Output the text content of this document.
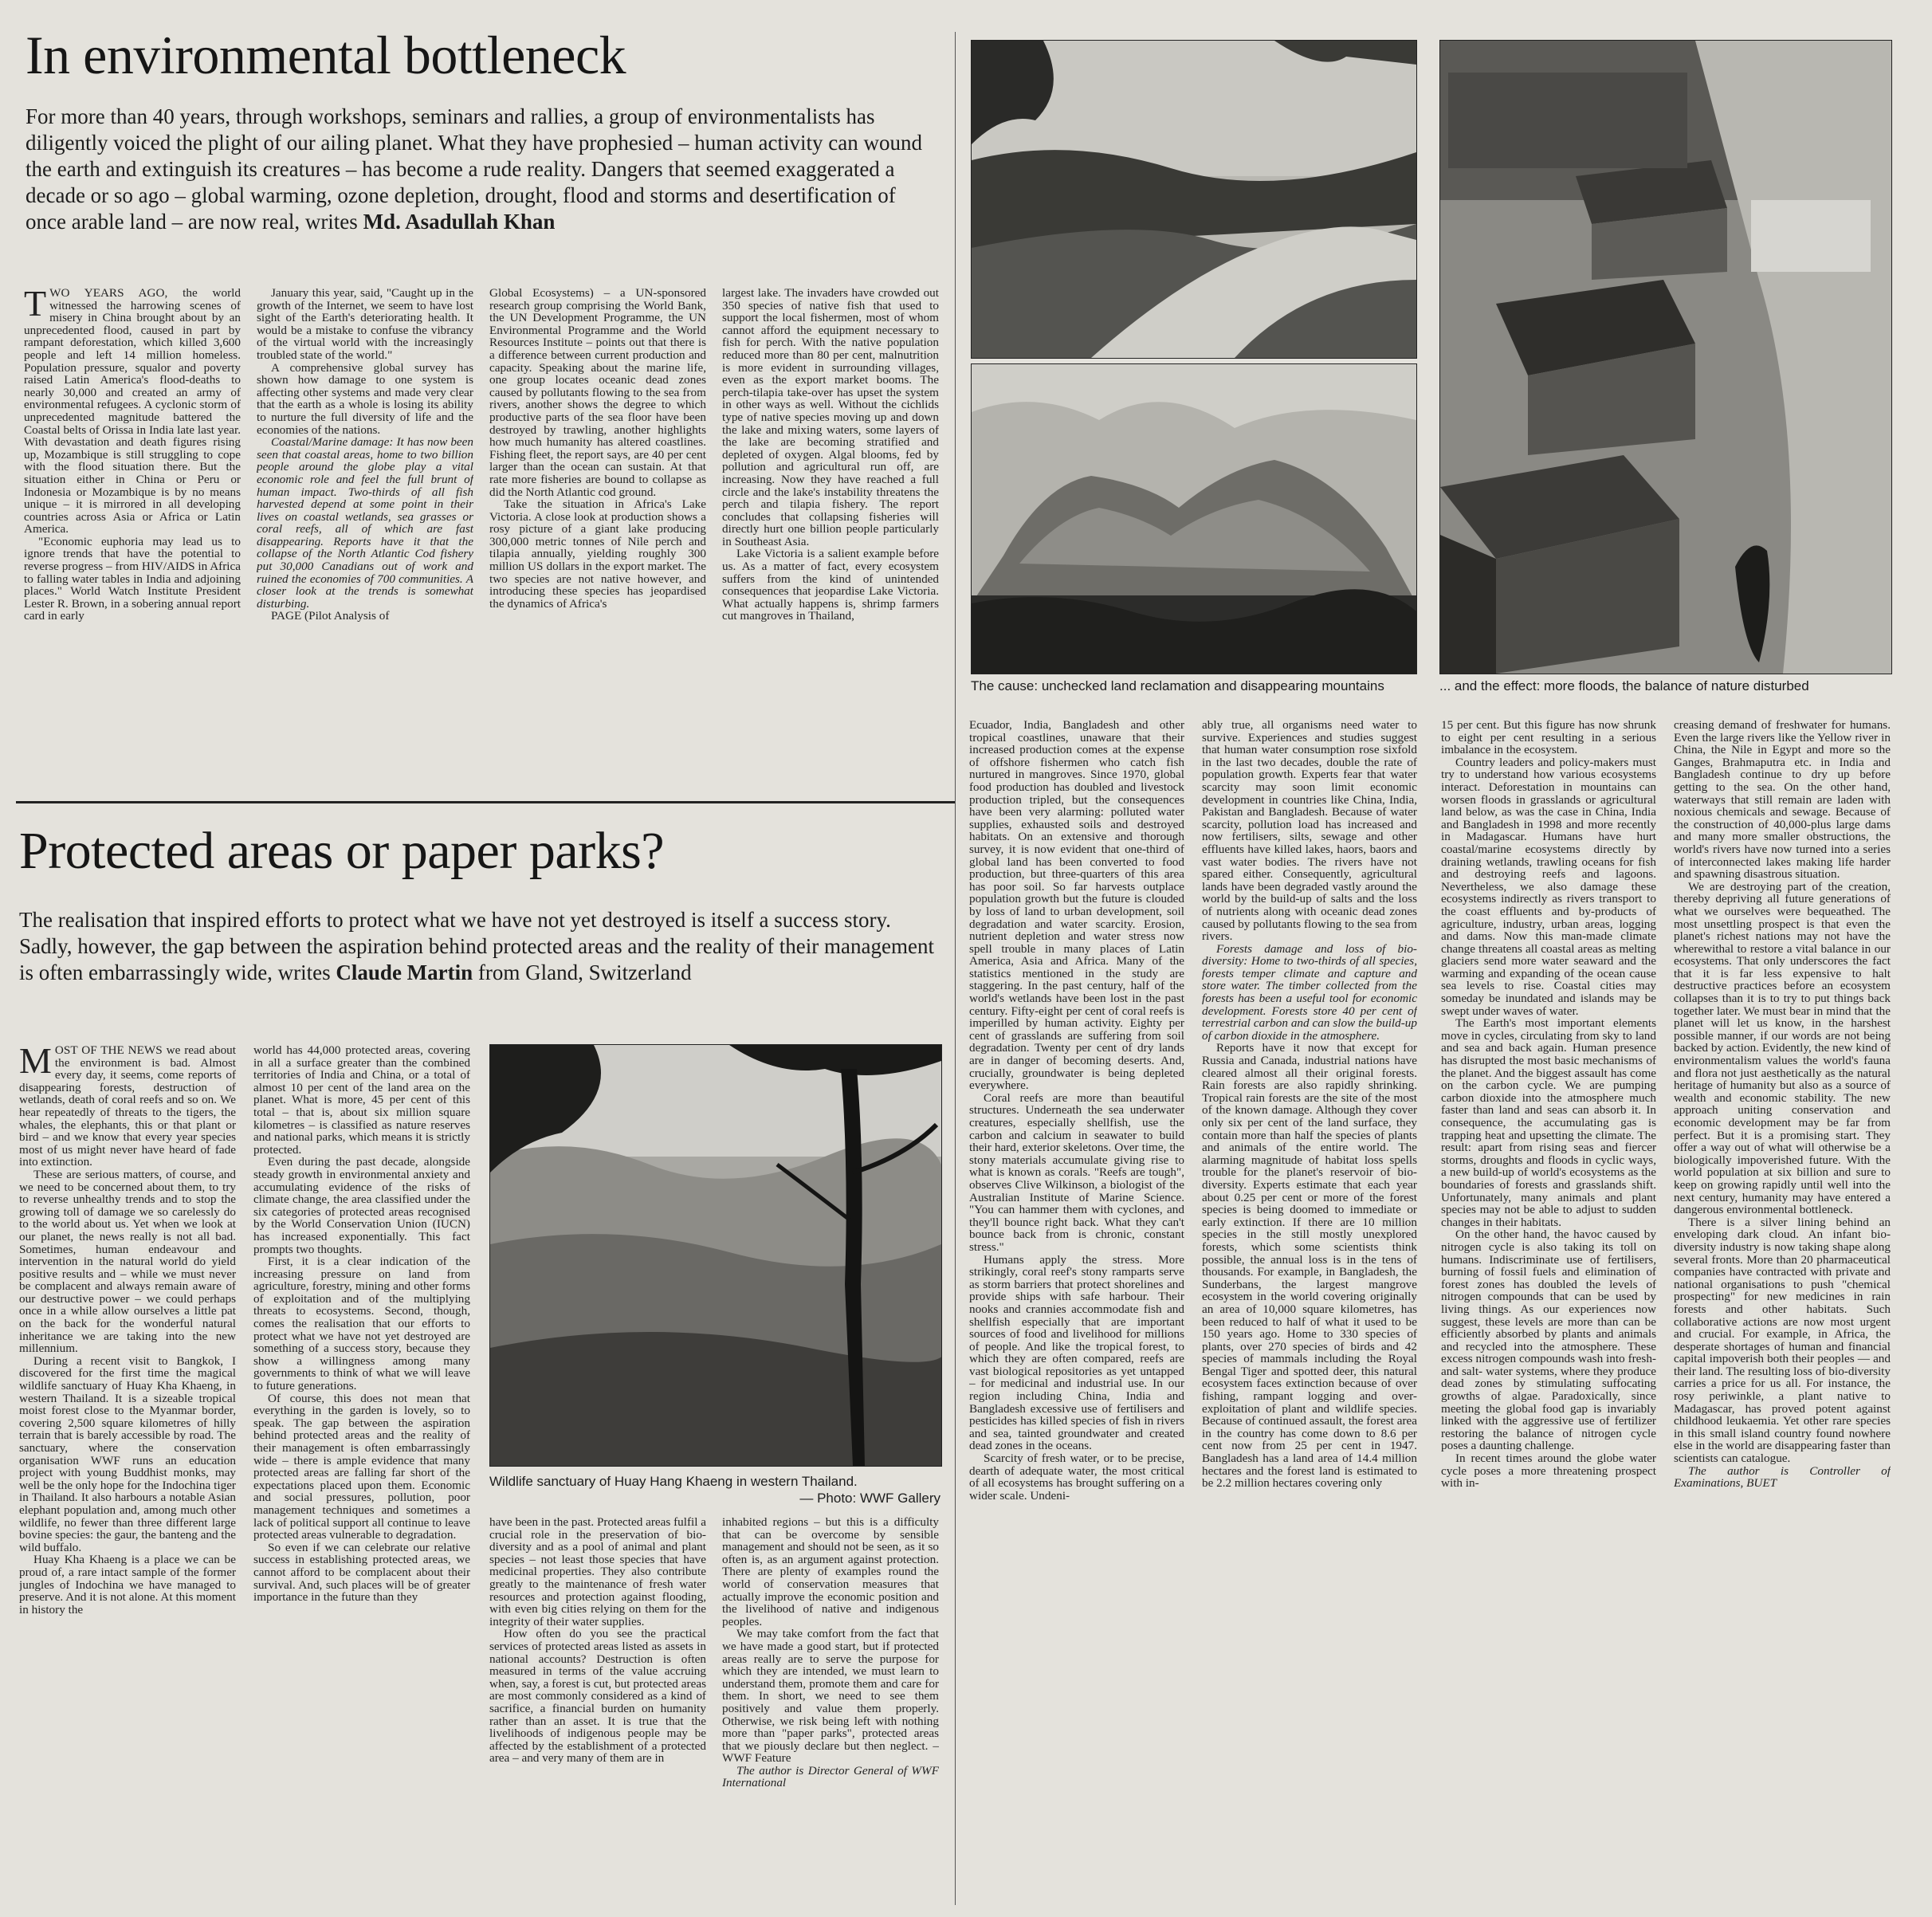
In environmental bottleneck

For more than 40 years, through workshops, seminars and rallies, a group of environmentalists has diligently voiced the plight of our ailing planet. What they have prophesied – human activity can wound the earth and extinguish its creatures – has become a rude reality. Dangers that seemed exaggerated a decade or so ago – global warming, ozone depletion, drought, flood and storms and desertification of once arable land – are now real, writes Md. Asadullah Khan

TWO YEARS AGO, the world witnessed the harrowing scenes of misery in China brought about by an unprecedented flood, caused in part by rampant deforestation, which killed 3,600 people and left 14 million homeless. Population pressure, squalor and poverty raised Latin America's flood-deaths to nearly 30,000 and created an army of environmental refugees. A cyclonic storm of unprecedented magnitude battered the Coastal belts of Orissa in India late last year. With devastation and death figures rising up, Mozambique is still struggling to cope with the flood situation there. But the situation either in China or Peru or Indonesia or Mozambique is by no means unique – it is mirrored in all developing countries across Asia or Africa or Latin America.

"Economic euphoria may lead us to ignore trends that have the potential to reverse progress – from HIV/AIDS in Africa to falling water tables in India and adjoining places." World Watch Institute President Lester R. Brown, in a sobering annual report card in early

January this year, said, "Caught up in the growth of the Internet, we seem to have lost sight of the Earth's deteriorating health. It would be a mistake to confuse the vibrancy of the virtual world with the increasingly troubled state of the world."

A comprehensive global survey has shown how damage to one system is affecting other systems and made very clear that the earth as a whole is losing its ability to nurture the full diversity of life and the economies of the nations.

Coastal/Marine damage: It has now been seen that coastal areas, home to two billion people around the globe play a vital economic role and feel the full brunt of human impact. Two-thirds of all fish harvested depend at some point in their lives on coastal wetlands, sea grasses or coral reefs, all of which are fast disappearing. Reports have it that the collapse of the North Atlantic Cod fishery put 30,000 Canadians out of work and ruined the economies of 700 communities. A closer look at the trends is somewhat disturbing.

PAGE (Pilot Analysis of

Global Ecosystems) – a UN-sponsored research group comprising the World Bank, the UN Development Programme, the UN Environmental Programme and the World Resources Institute – points out that there is a difference between current production and capacity. Speaking about the marine life, one group locates oceanic dead zones caused by pollutants flowing to the sea from rivers, another shows the degree to which productive parts of the sea floor have been destroyed by trawling, another highlights how much humanity has altered coastlines. Fishing fleet, the report says, are 40 per cent larger than the ocean can sustain. At that rate more fisheries are bound to collapse as did the North Atlantic cod ground.

Take the situation in Africa's Lake Victoria. A close look at production shows a rosy picture of a giant lake producing 300,000 metric tonnes of Nile perch and tilapia annually, yielding roughly 300 million US dollars in the export market. The two species are not native however, and introducing these species has jeopardised the dynamics of Africa's

largest lake. The invaders have crowded out 350 species of native fish that used to support the local fishermen, most of whom cannot afford the equipment necessary to fish for perch. With the native population reduced more than 80 per cent, malnutrition is more evident in surrounding villages, even as the export market booms. The perch-tilapia take-over has upset the system in other ways as well. Without the cichlids type of native species moving up and down the lake and mixing waters, some layers of the lake are becoming stratified and depleted of oxygen. Algal blooms, fed by pollution and agricultural run off, are increasing. Now they have reached a full circle and the lake's instability threatens the perch and tilapia fishery. The report concludes that collapsing fisheries will directly hurt one billion people particularly in Southeast Asia.

Lake Victoria is a salient example before us. As a matter of fact, every ecosystem suffers from the kind of unintended consequences that jeopardise Lake Victoria. What actually happens is, shrimp farmers cut mangroves in Thailand,

Ecuador, India, Bangladesh and other tropical coastlines, unaware that their increased production comes at the expense of offshore fishermen who catch fish nurtured in mangroves. Since 1970, global food production has doubled and livestock production tripled, but the consequences have been very alarming: polluted water supplies, exhausted soils and destroyed habitats. On an extensive and thorough survey, it is now evident that one-third of global land has been converted to food production, but three-quarters of this area has poor soil. So far harvests outplace population growth but the future is clouded by loss of land to urban development, soil degradation and water scarcity. Erosion, nutrient depletion and water stress now spell trouble in many places of Latin America, Asia and Africa. Many of the statistics mentioned in the study are staggering. In the past century, half of the world's wetlands have been lost in the past century. Fifty-eight per cent of coral reefs is imperilled by human activity. Eighty per cent of grasslands are suffering from soil degradation. Twenty per cent of dry lands are in danger of becoming deserts. And, crucially, groundwater is being depleted everywhere.

Coral reefs are more than beautiful structures. Underneath the sea underwater creatures, especially shellfish, use the carbon and calcium in seawater to build their hard, exterior skeletons. Over time, the stony materials accumulate giving rise to what is known as corals. "Reefs are tough", observes Clive Wilkinson, a biologist of the Australian Institute of Marine Science. "You can hammer them with cyclones, and they'll bounce right back. What they can't bounce back from is chronic, constant stress."

Humans apply the stress. More strikingly, coral reef's stony ramparts serve as storm barriers that protect shorelines and provide ships with safe harbour. Their nooks and crannies accommodate fish and shellfish especially that are important sources of food and livelihood for millions of people. And like the tropical forest, to which they are often compared, reefs are vast biological repositories as yet untapped – for medicinal and industrial use. In our region including China, India and Bangladesh excessive use of fertilisers and pesticides has killed species of fish in rivers and sea, tainted groundwater and created dead zones in the oceans.

Scarcity of fresh water, or to be precise, dearth of adequate water, the most critical of all ecosystems has brought suffering on a wider scale. Undeni-

ably true, all organisms need water to survive. Experiences and studies suggest that human water consumption rose sixfold in the last two decades, double the rate of population growth. Experts fear that water scarcity may soon limit economic development in countries like China, India, Pakistan and Bangladesh. Because of water scarcity, pollution load has increased and now fertilisers, silts, sewage and other effluents have killed lakes, haors, baors and vast water bodies. The rivers have not spared either. Consequently, agricultural lands have been degraded vastly around the world by the build-up of salts and the loss of nutrients along with oceanic dead zones caused by pollutants flowing to the sea from rivers.

Forests damage and loss of bio-diversity: Home to two-thirds of all species, forests temper climate and capture and store water. The timber collected from the forests has been a useful tool for economic development. Forests store 40 per cent of terrestrial carbon and can slow the build-up of carbon dioxide in the atmosphere.

Reports have it now that except for Russia and Canada, industrial nations have cleared almost all their original forests. Rain forests are also rapidly shrinking. Tropical rain forests are the site of the most of the known damage. Although they cover only six per cent of the land surface, they contain more than half the species of plants and animals of the entire world. The alarming magnitude of habitat loss spells trouble for the planet's reservoir of bio-diversity. Experts estimate that each year about 0.25 per cent or more of the forest species is being doomed to immediate or early extinction. If there are 10 million species in the still mostly unexplored forests, which some scientists think possible, the annual loss is in the tens of thousands. For example, in Bangladesh, the Sunderbans, the largest mangrove ecosystem in the world covering originally an area of 10,000 square kilometres, has been reduced to half of what it used to be 150 years ago. Home to 330 species of plants, over 270 species of birds and 42 species of mammals including the Royal Bengal Tiger and spotted deer, this natural ecosystem faces extinction because of over fishing, rampant logging and over-exploitation of plant and wildlife species. Because of continued assault, the forest area in the country has come down to 8.6 per cent now from 25 per cent in 1947. Bangladesh has a land area of 14.4 million hectares and the forest land is estimated to be 2.2 million hectares covering only

15 per cent. But this figure has now shrunk to eight per cent resulting in a serious imbalance in the ecosystem.

Country leaders and policy-makers must try to understand how various ecosystems interact. Deforestation in mountains can worsen floods in grasslands or agricultural land below, as was the case in China, India and Bangladesh in 1998 and more recently in Madagascar. Humans have hurt coastal/marine ecosystems directly by draining wetlands, trawling oceans for fish and destroying reefs and lagoons. Nevertheless, we also damage these ecosystems indirectly as rivers transport to the coast effluents and by-products of agriculture, industry, urban areas, logging and dams. Now this man-made climate change threatens all coastal areas as melting glaciers send more water seaward and the warming and expanding of the ocean cause sea levels to rise. Coastal cities may someday be inundated and islands may be swept under waves of water.

The Earth's most important elements move in cycles, circulating from sky to land and sea and back again. Human presence has disrupted the most basic mechanisms of the planet. And the biggest assault has come on the carbon cycle. We are pumping carbon dioxide into the atmosphere much faster than land and seas can absorb it. In consequence, the accumulating gas is trapping heat and upsetting the climate. The result: apart from rising seas and fiercer storms, droughts and floods in cyclic ways, a new build-up of world's ecosystems as the boundaries of forests and grasslands shift. Unfortunately, many animals and plant species may not be able to adjust to sudden changes in their habitats.

On the other hand, the havoc caused by nitrogen cycle is also taking its toll on humans. Indiscriminate use of fertilisers, burning of fossil fuels and elimination of forest zones has doubled the levels of nitrogen compounds that can be used by living things. As our experiences now suggest, these levels are more than can be efficiently absorbed by plants and animals and recycled into the atmosphere. These excess nitrogen compounds wash into fresh- and salt- water systems, where they produce dead zones by stimulating suffocating growths of algae. Paradoxically, since meeting the global food gap is invariably linked with the aggressive use of fertilizer restoring the balance of nitrogen cycle poses a daunting challenge.

In recent times around the globe water cycle poses a more threatening prospect with in-

creasing demand of freshwater for humans. Even the large rivers like the Yellow river in China, the Nile in Egypt and more so the Ganges, Brahmaputra etc. in India and Bangladesh continue to dry up before getting to the sea. On the other hand, waterways that still remain are laden with noxious chemicals and sewage. Because of the construction of 40,000-plus large dams and many more smaller obstructions, the world's rivers have now turned into a series of interconnected lakes making life harder and spawning disastrous situation.

We are destroying part of the creation, thereby depriving all future generations of what we ourselves were bequeathed. The most unsettling prospect is that even the planet's richest nations may not have the wherewithal to restore a vital balance in our ecosystems. That only underscores the fact that it is far less expensive to halt destructive practices before an ecosystem collapses than it is to try to put things back together later. We must bear in mind that the planet will let us know, in the harshest possible manner, if our words are not being backed by action. Evidently, the new kind of environmentalism values the world's fauna and flora not just aesthetically as the natural heritage of humanity but also as a source of wealth and economic stability. The new approach uniting conservation and economic development may be far from perfect. But it is a promising start. They offer a way out of what will otherwise be a biologically impoverished future. With the world population at six billion and sure to keep on growing rapidly until well into the next century, humanity may have entered a dangerous environmental bottleneck.

There is a silver lining behind an enveloping dark cloud. An infant bio-diversity industry is now taking shape along several fronts. More than 20 pharmaceutical companies have contracted with private and national organisations to push "chemical prospecting" for new medicines in rain forests and other habitats. Such collaborative actions are now most urgent and crucial. For example, in Africa, the desperate shortages of human and financial capital impoverish both their peoples — and their land. The resulting loss of bio-diversity carries a price for us all. For instance, the rosy periwinkle, a plant native to Madagascar, has proved potent against childhood leukaemia. Yet other rare species in this small island country found nowhere else in the world are disappearing faster than scientists can catalogue.

The author is Controller of Examinations, BUET

The cause: unchecked land reclamation and disappearing mountains	... and the effect: more floods, the balance of nature disturbed
Protected areas or paper parks?

The realisation that inspired efforts to protect what we have not yet destroyed is itself a success story. Sadly, however, the gap between the aspiration behind protected areas and the reality of their management is often embarrassingly wide, writes Claude Martin from Gland, Switzerland

MOST OF THE NEWS we read about the environment is bad. Almost every day, it seems, come reports of disappearing forests, destruction of wetlands, death of coral reefs and so on. We hear repeatedly of threats to the tigers, the whales, the elephants, this or that plant or bird – and we know that every year species most of us might never have heard of fade into extinction.

These are serious matters, of course, and we need to be concerned about them, to try to reverse unhealthy trends and to stop the growing toll of damage we so carelessly do to the world about us. Yet when we look at our planet, the news really is not all bad. Sometimes, human endeavour and intervention in the natural world do yield positive results and – while we must never be complacent and always remain aware of our destructive power – we could perhaps once in a while allow ourselves a little pat on the back for the wonderful natural inheritance we are taking into the new millennium.

During a recent visit to Bangkok, I discovered for the first time the magical wildlife sanctuary of Huay Kha Khaeng, in western Thailand. It is a sizeable tropical moist forest close to the Myanmar border, covering 2,500 square kilometres of hilly terrain that is barely accessible by road. The sanctuary, where the conservation organisation WWF runs an education project with young Buddhist monks, may well be the only hope for the Indochina tiger in Thailand. It also harbours a notable Asian elephant population and, among much other wildlife, no fewer than three different large bovine species: the gaur, the banteng and the wild buffalo.

Huay Kha Khaeng is a place we can be proud of, a rare intact sample of the former jungles of Indochina we have managed to preserve. And it is not alone. At this moment in history the

world has 44,000 protected areas, covering in all a surface greater than the combined territories of India and China, or a total of almost 10 per cent of the land area on the planet. What is more, 45 per cent of this total – that is, about six million square kilometres – is classified as nature reserves and national parks, which means it is strictly protected.

Even during the past decade, alongside steady growth in environmental anxiety and accumulating evidence of the risks of climate change, the area classified under the six categories of protected areas recognised by the World Conservation Union (IUCN) has increased exponentially. This fact prompts two thoughts.

First, it is a clear indication of the increasing pressure on land from agriculture, forestry, mining and other forms of exploitation and of the multiplying threats to ecosystems. Second, though, comes the realisation that our efforts to protect what we have not yet destroyed are something of a success story, because they show a willingness among many governments to think of what we will leave to future generations.

Of course, this does not mean that everything in the garden is lovely, so to speak. The gap between the aspiration behind protected areas and the reality of their management is often embarrassingly wide – there is ample evidence that many protected areas are falling far short of the expectations placed upon them. Economic and social pressures, pollution, poor management techniques and sometimes a lack of political support all continue to leave protected areas vulnerable to degradation.

So even if we can celebrate our relative success in establishing protected areas, we cannot afford to be complacent about their survival. And, such places will be of greater importance in the future than they

Wildlife sanctuary of Huay Hang Khaeng in western Thailand.
— Photo: WWF Gallery

have been in the past. Protected areas fulfil a crucial role in the preservation of bio-diversity and as a pool of animal and plant species – not least those species that have medicinal properties. They also contribute greatly to the maintenance of fresh water resources and protection against flooding, with even big cities relying on them for the integrity of their water supplies.

How often do you see the practical services of protected areas listed as assets in national accounts? Destruction is often measured in terms of the value accruing when, say, a forest is cut, but protected areas are most commonly considered as a kind of sacrifice, a financial burden on humanity rather than an asset. It is true that the livelihoods of indigenous people may be affected by the establishment of a protected area – and very many of them are in

inhabited regions – but this is a difficulty that can be overcome by sensible management and should not be seen, as it so often is, as an argument against protection. There are plenty of examples round the world of conservation measures that actually improve the economic position and the livelihood of native and indigenous peoples.

We may take comfort from the fact that we have made a good start, but if protected areas really are to serve the purpose for which they are intended, we must learn to understand them, promote them and care for them. In short, we need to see them positively and value them properly. Otherwise, we risk being left with nothing more than "paper parks", protected areas that we piously declare but then neglect. – WWF Feature

The author is Director General of WWF International
